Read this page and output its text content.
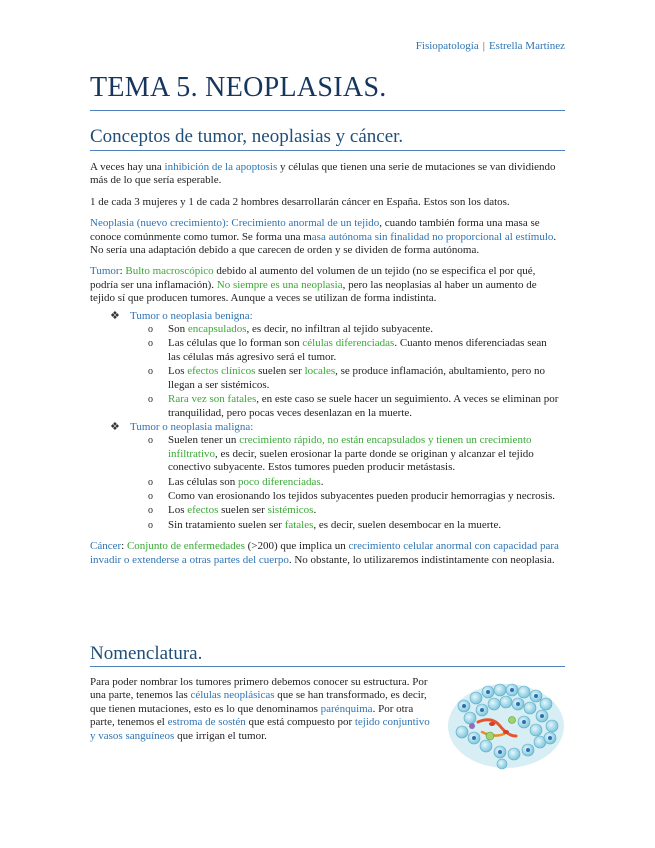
Fisiopatología | Estrella Martínez
TEMA 5. NEOPLASIAS.
Conceptos de tumor, neoplasias y cáncer.

A veces hay una inhibición de la apoptosis y células que tienen una serie de mutaciones se van dividiendo más de lo que sería esperable.

1 de cada 3 mujeres y 1 de cada 2 hombres desarrollarán cáncer en España. Estos son los datos.

Neoplasia (nuevo crecimiento): Crecimiento anormal de un tejido, cuando también forma una masa se conoce comúnmente como tumor. Se forma una masa autónoma sin finalidad no proporcional al estímulo. No sería una adaptación debido a que carecen de orden y se dividen de forma autónoma.

Tumor: Bulto macroscópico debido al aumento del volumen de un tejido (no se especifica el por qué, podría ser una inflamación). No siempre es una neoplasia, pero las neoplasias al haber un aumento de tejido sí que producen tumores. Aunque a veces se utilizan de forma indistinta.

❖ Tumor o neoplasia benigna:
o Son encapsulados, es decir, no infiltran al tejido subyacente.
o Las células que lo forman son células diferenciadas. Cuanto menos diferenciadas sean las células más agresivo será el tumor.
o Los efectos clínicos suelen ser locales, se produce inflamación, abultamiento, pero no llegan a ser sistémicos.
o Rara vez son fatales, en este caso se suele hacer un seguimiento. A veces se eliminan por tranquilidad, pero pocas veces desenlazan en la muerte.
❖ Tumor o neoplasia maligna:
o Suelen tener un crecimiento rápido, no están encapsulados y tienen un crecimiento infiltrativo, es decir, suelen erosionar la parte donde se originan y alcanzar el tejido conectivo subyacente. Estos tumores pueden producir metástasis.
o Las células son poco diferenciadas.
o Como van erosionando los tejidos subyacentes pueden producir hemorragias y necrosis.
o Los efectos suelen ser sistémicos.
o Sin tratamiento suelen ser fatales, es decir, suelen desembocar en la muerte.

Cáncer: Conjunto de enfermedades (>200) que implica un crecimiento celular anormal con capacidad para invadir o extenderse a otras partes del cuerpo. No obstante, lo utilizaremos indistintamente con neoplasia.

Nomenclatura.
Para poder nombrar los tumores primero debemos conocer su estructura. Por una parte, tenemos las células neoplásicas que se han transformado, es decir, que tienen mutaciones, esto es lo que denominamos parénquima. Por otra parte, tenemos el estroma de sostén que está compuesto por tejido conjuntivo y vasos sanguíneos que irrigan el tumor.
